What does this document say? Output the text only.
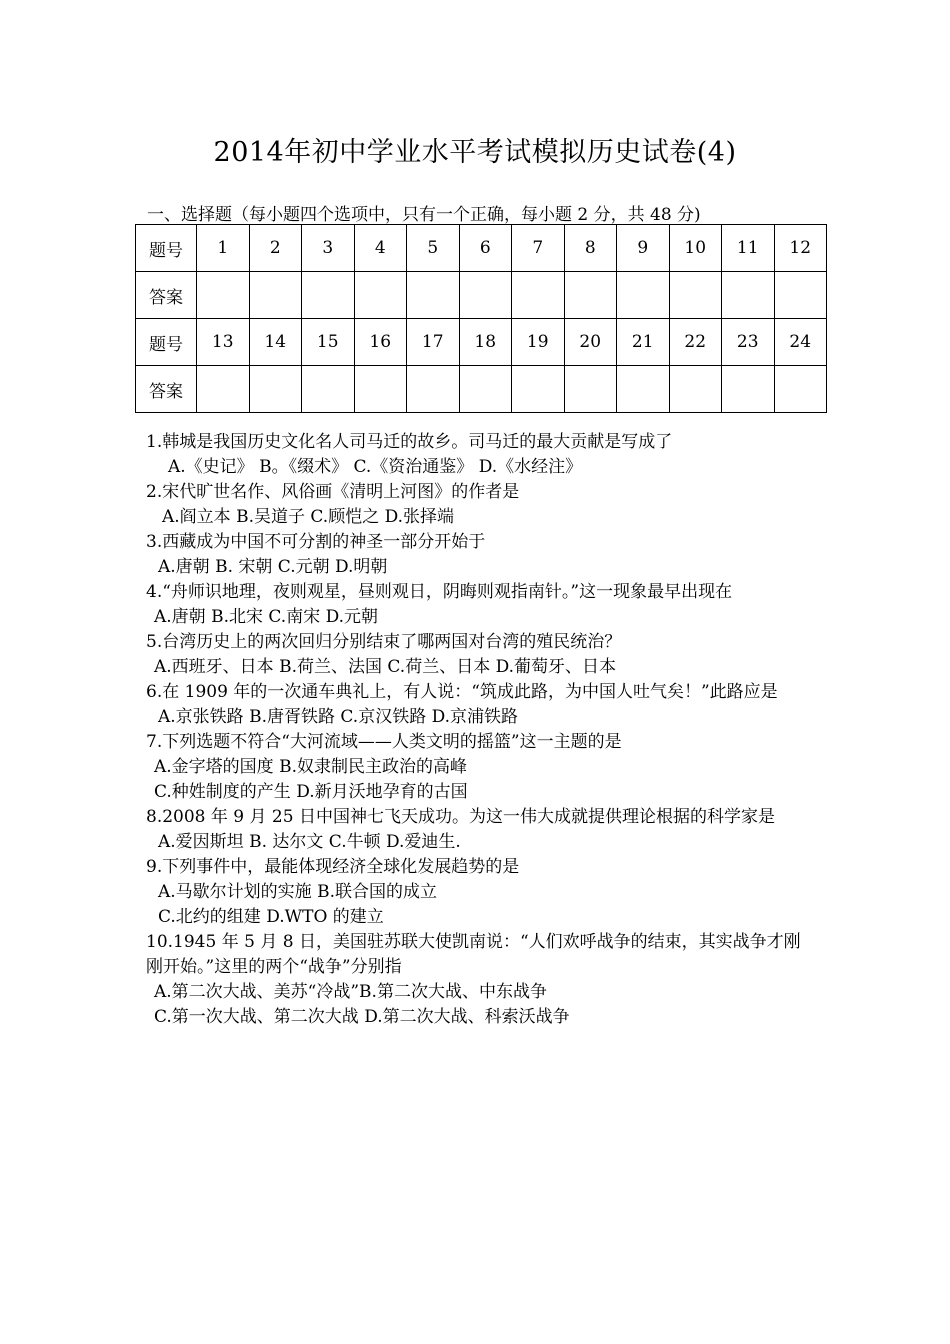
2014年初中学业水平考试模拟历史试卷(4)
一、选择题（每小题四个选项中，只有一个正确，每小题 2 分，共 48 分)
题号	1	2	3	4	5	6	7	8	9	10	11	12
答案												
题号	13	14	15	16	17	18	19	20	21	22	23	24
答案												

1.韩城是我国历史文化名人司马迁的故乡。司马迁的最大贡献是写成了

A.《史记》 B。《缀术》 C.《资治通鉴》 D.《水经注》

2.宋代旷世名作、风俗画《清明上河图》的作者是

A.阎立本 B.吴道子 C.顾恺之 D.张择端

3.西藏成为中国不可分割的神圣一部分开始于

A.唐朝 B. 宋朝 C.元朝 D.明朝

4.“舟师识地理，夜则观星，昼则观日，阴晦则观指南针。”这一现象最早出现在

A.唐朝 B.北宋 C.南宋 D.元朝

5.台湾历史上的两次回归分别结束了哪两国对台湾的殖民统治？

A.西班牙、日本 B.荷兰、法国 C.荷兰、日本 D.葡萄牙、日本

6.在 1909 年的一次通车典礼上，有人说：“筑成此路，为中国人吐气矣！”此路应是

A.京张铁路 B.唐胥铁路 C.京汉铁路 D.京浦铁路

7.下列选题不符合“大河流域——人类文明的摇篮”这一主题的是

A.金字塔的国度 B.奴隶制民主政治的高峰

C.种姓制度的产生 D.新月沃地孕育的古国

8.2008 年 9 月 25 日中国神七飞天成功。为这一伟大成就提供理论根据的科学家是

A.爱因斯坦 B. 达尔文 C.牛顿 D.爱迪生.

9.下列事件中，最能体现经济全球化发展趋势的是

A.马歇尔计划的实施 B.联合国的成立

C.北约的组建 D.WTO 的建立

10.1945 年 5 月 8 日，美国驻苏联大使凯南说：“人们欢呼战争的结束，其实战争才刚刚开始。”这里的两个“战争”分别指

A.第二次大战、美苏“冷战”B.第二次大战、中东战争

C.第一次大战、第二次大战 D.第二次大战、科索沃战争
